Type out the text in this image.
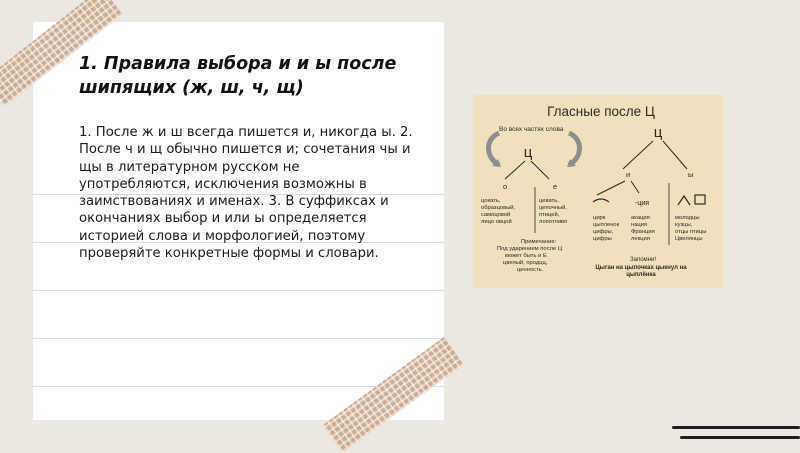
1. Правила выбора и и ы после шипящих (ж, ш, ч, щ)

1. После ж и ш всегда пишется и, никогда ы. 2. После ч и щ обычно пишется и; сочетания чы и щы в литературном русском не употребляются, исключения возможны в заимствованиях и именах. 3. В суффиксах и окончаниях выбор и или ы определяется историей слова и морфологией, поэтому проверяйте конкретные формы и словари.

Гласные после Ц
Во всех частях слова
ц
о	е
цокать,
образцовый,
самоцовой
лицо овцой
цевать,
цепочный,
птицей,
лопотливо
Примечание:
Под ударением после Ц
может быть и Е
цвелый, продцц,
ценность.
ц
и	ы
-ция
цирк
цыпленок
цифры,
цифры
акация
нация
Франция
лекция
молодцы
кузцы,
отцы птицы
Цвелянцы
Запомни!
Цыган на цыпочках цыкнул на
цыплёнка
